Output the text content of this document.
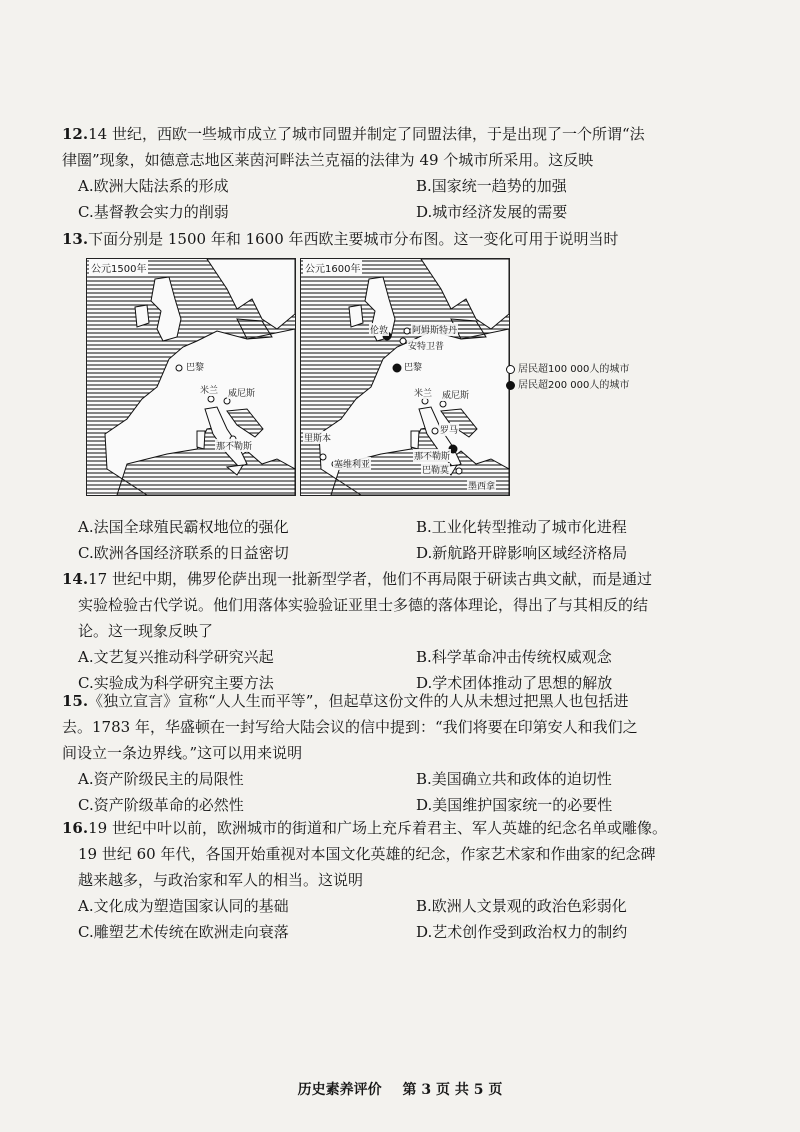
12.14 世纪，西欧一些城市成立了城市同盟并制定了同盟法律，于是出现了一个所谓“法

律圈”现象，如德意志地区莱茵河畔法兰克福的法律为 49 个城市所采用。这反映

A.欧洲大陆法系的形成	B.国家统一趋势的加强
C.基督教会实力的削弱	D.城市经济发展的需要

13.下面分别是 1500 年和 1600 年西欧主要城市分布图。这一变化可用于说明当时

公元1500年
巴黎
米兰 威尼斯
那不勒斯
公元1600年
伦敦	阿姆斯特丹
安特卫普
巴黎
米兰 威尼斯
里斯本
塞维利亚
罗马
那不勒斯
巴勒莫
墨西拿
居民超100 000人的城市
居民超200 000人的城市
A.法国全球殖民霸权地位的强化	B.工业化转型推动了城市化进程
C.欧洲各国经济联系的日益密切	D.新航路开辟影响区域经济格局

14.17 世纪中期，佛罗伦萨出现一批新型学者，他们不再局限于研读古典文献，而是通过

实验检验古代学说。他们用落体实验验证亚里士多德的落体理论，得出了与其相反的结

论。这一现象反映了

A.文艺复兴推动科学研究兴起	B.科学革命冲击传统权威观念
C.实验成为科学研究主要方法	D.学术团体推动了思想的解放

15.《独立宣言》宣称“人人生而平等”，但起草这份文件的人从未想过把黑人也包括进

去。1783 年，华盛顿在一封写给大陆会议的信中提到：“我们将要在印第安人和我们之

间设立一条边界线。”这可以用来说明

A.资产阶级民主的局限性	B.美国确立共和政体的迫切性
C.资产阶级革命的必然性	D.美国维护国家统一的必要性

16.19 世纪中叶以前，欧洲城市的街道和广场上充斥着君主、军人英雄的纪念名单或雕像。

19 世纪 60 年代，各国开始重视对本国文化英雄的纪念，作家艺术家和作曲家的纪念碑

越来越多，与政治家和军人的相当。这说明

A.文化成为塑造国家认同的基础	B.欧洲人文景观的政治色彩弱化
C.雕塑艺术传统在欧洲走向衰落	D.艺术创作受到政治权力的制约
历史素养评价 第 3 页 共 5 页
